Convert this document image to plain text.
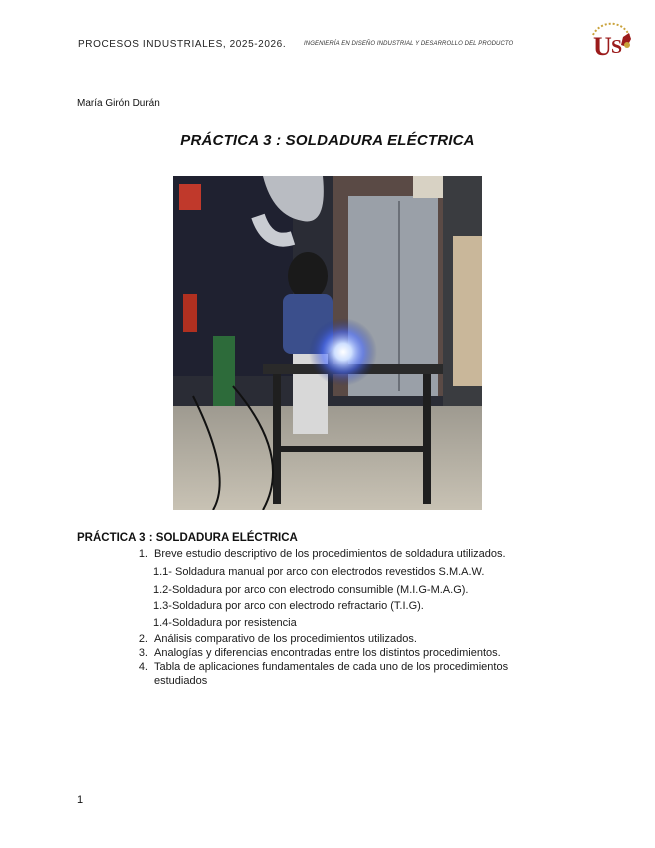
PROCESOS INDUSTRIALES, 2025-2026.	INGENIERÍA EN DISEÑO INDUSTRIAL Y DESARROLLO DEL PRODUCTO	U S
María Girón Durán
PRÁCTICA 3 : SOLDADURA ELÉCTRICA
PRÁCTICA 3 : SOLDADURA ELÉCTRICA
1. Breve estudio descriptivo de los procedimientos de soldadura utilizados.
1.1- Soldadura manual por arco con electrodos revestidos S.M.A.W.
1.2-Soldadura por arco con electrodo consumible (M.I.G-M.A.G).
1.3-Soldadura por arco con electrodo refractario (T.I.G).
1.4-Soldadura por resistencia
2. Análisis comparativo de los procedimientos utilizados.
3. Analogías y diferencias encontradas entre los distintos procedimientos.
4. Tabla de aplicaciones fundamentales de cada uno de los procedimientos
estudiados
1
